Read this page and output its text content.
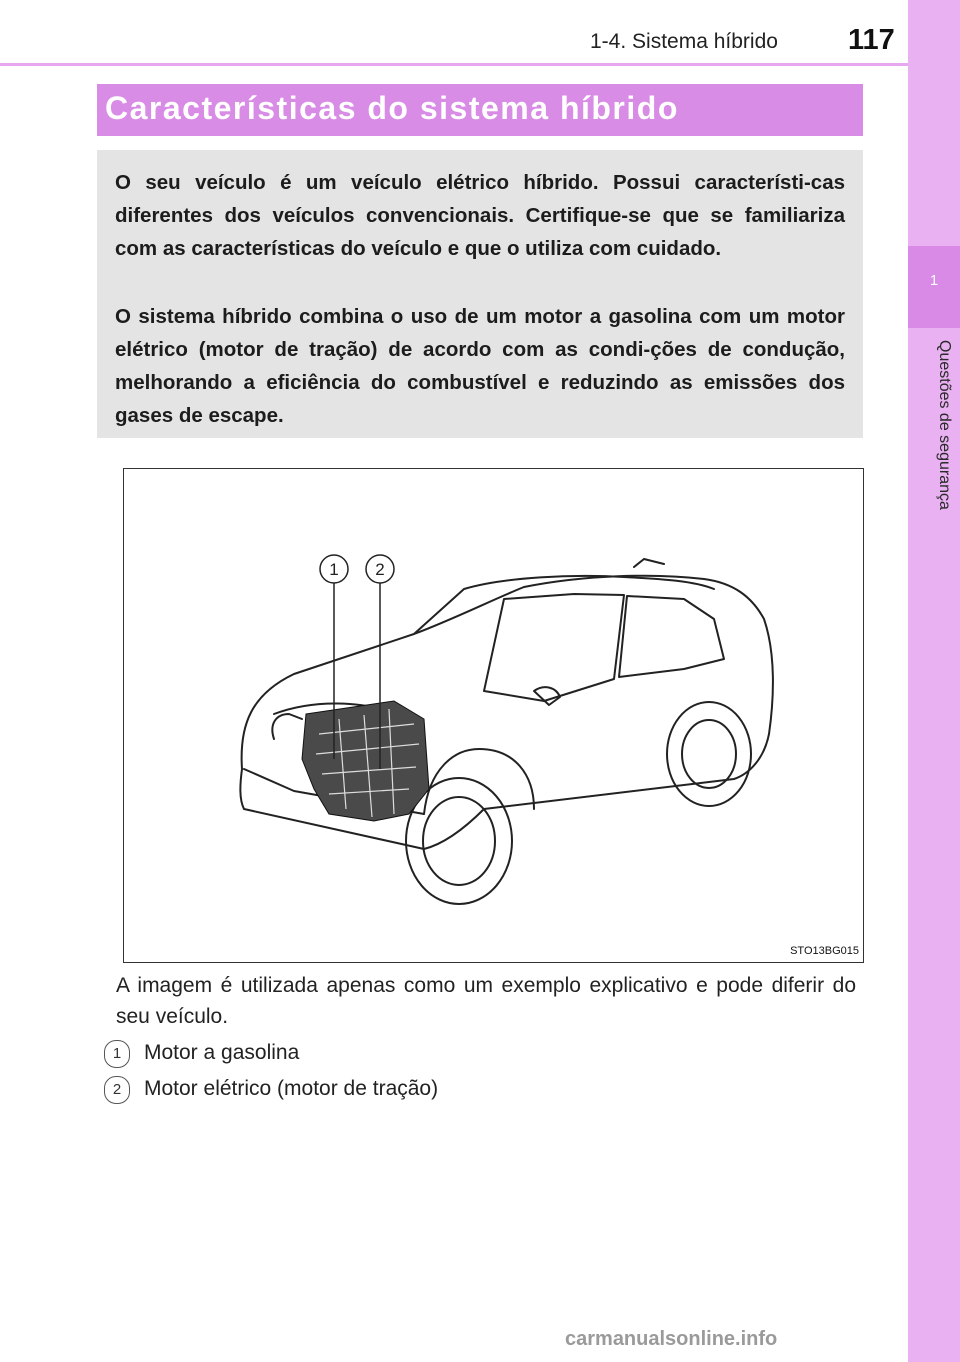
1-4. Sistema híbrido 117
1
Questões de segurança
Características do sistema híbrido

O seu veículo é um veículo elétrico híbrido. Possui característi-cas diferentes dos veículos convencionais. Certifique-se que se familiariza com as características do veículo e que o utiliza com cuidado.

O sistema híbrido combina o uso de um motor a gasolina com um motor elétrico (motor de tração) de acordo com as condi-ções de condução, melhorando a eficiência do combustível e reduzindo as emissões dos gases de escape.

1 2
STO13BG015

A imagem é utilizada apenas como um exemplo explicativo e pode diferir do seu veículo.

1	Motor a gasolina
2	Motor elétrico (motor de tração)
carmanualsonline.info
